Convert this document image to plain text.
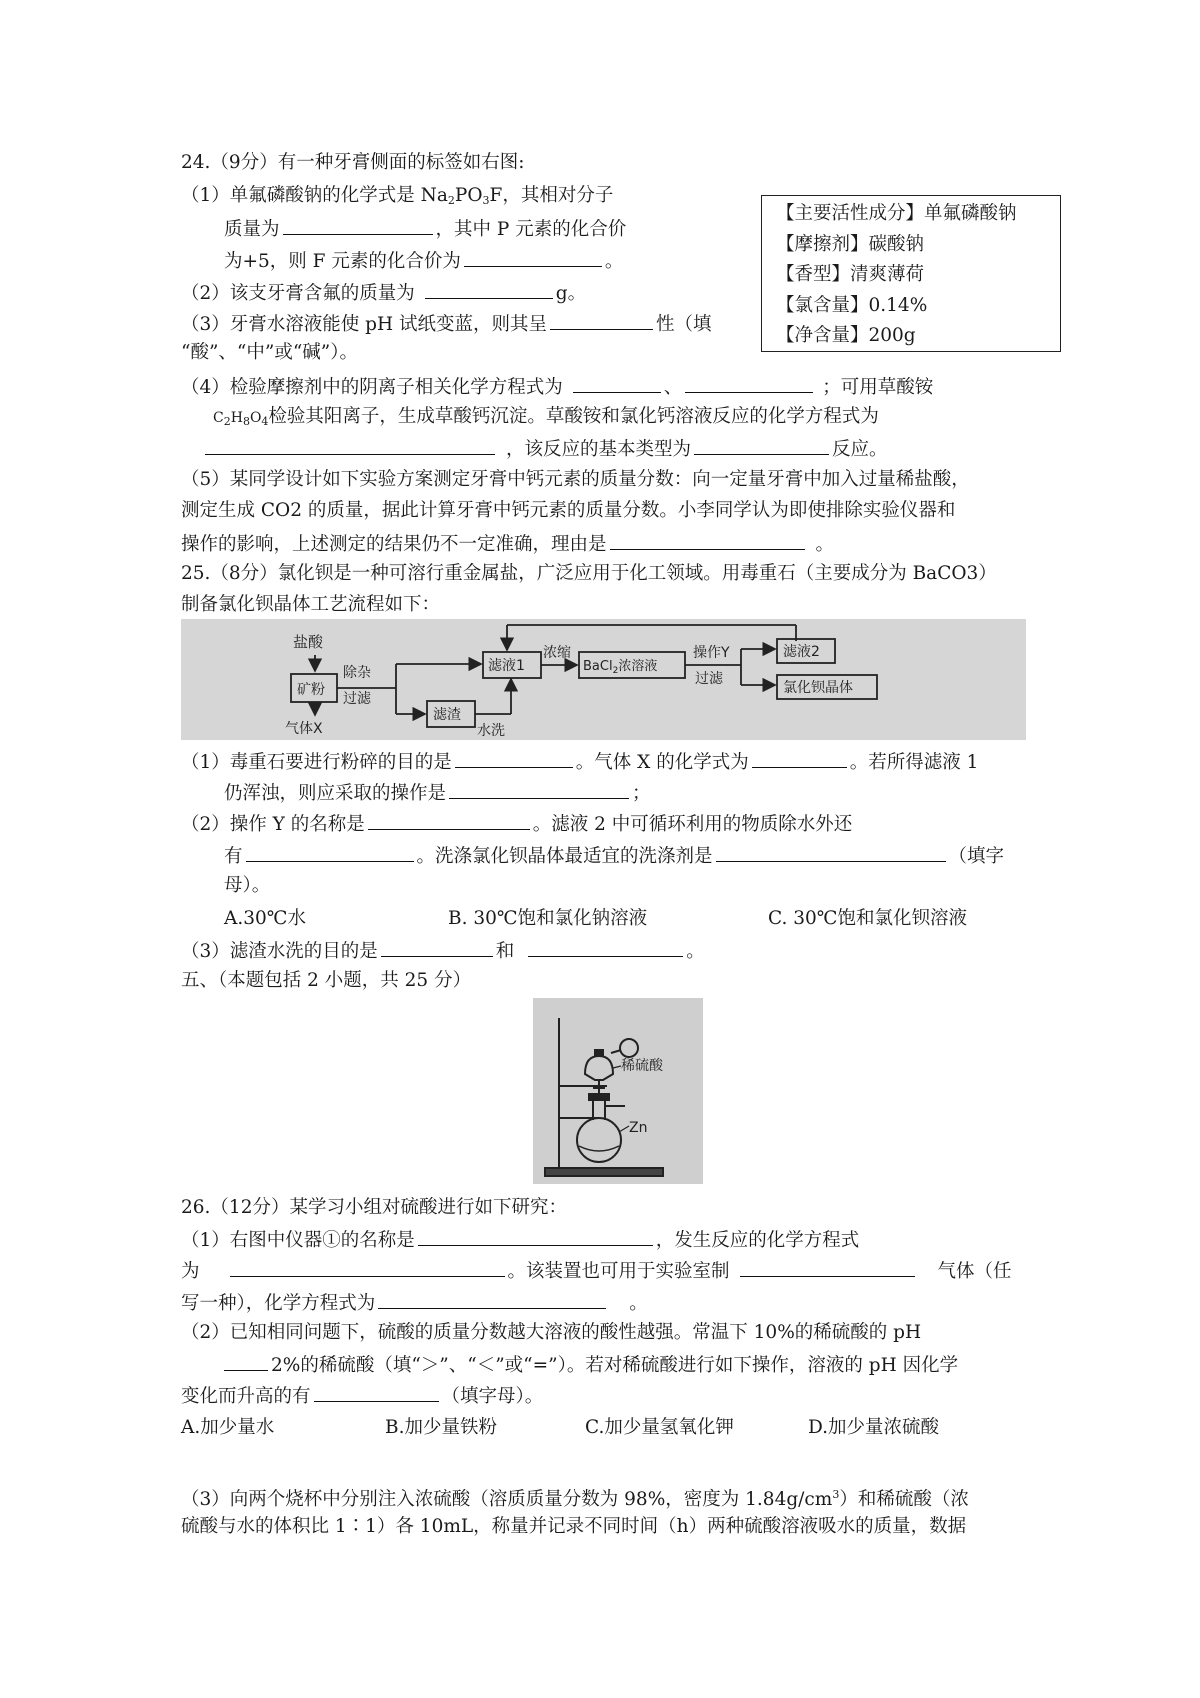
24.（9分）有一种牙膏侧面的标签如右图:
（1）单氟磷酸钠的化学式是 $Na_2PO_3F$，其相对分子
质量为	，其中 P 元素的化合价
为+5，则 F 元素的化合价为	。
（2）该支牙膏含氟的质量为	g。
（3）牙膏水溶液能使 pH 试纸变蓝，则其呈	性（填
“酸”、“中”或“碱”）。
【主要活性成分】单氟磷酸钠
【摩擦剂】碳酸钠
【香型】清爽薄荷
【氯含量】0.14%
【净含量】200g
（4）检验摩擦剂中的阴离子相关化学方程式为	、	；可用草酸铵
$C_2H_8O_4$检验其阳离子，生成草酸钙沉淀。草酸铵和氯化钙溶液反应的化学方程式为
，该反应的基本类型为	反应。
（5）某同学设计如下实验方案测定牙膏中钙元素的质量分数：向一定量牙膏中加入过量稀盐酸，
测定生成 CO2 的质量，据此计算牙膏中钙元素的质量分数。小李同学认为即使排除实验仪器和
操作的影响，上述测定的结果仍不一定准确，理由是	。
25.（8分）氯化钡是一种可溶行重金属盐，广泛应用于化工领域。用毒重石（主要成分为 BaCO3）
制备氯化钡晶体工艺流程如下：
盐酸
矿粉
除杂
过滤
气体X
滤渣
水洗
滤液1
浓缩
BaCl$_2$浓溶液
操作Y
过滤
滤液2
氯化钡晶体
（1）毒重石要进行粉碎的目的是	。气体 X 的化学式为	。若所得滤液 1
仍浑浊，则应采取的操作是	；
（2）操作 Y 的名称是	。滤液 2 中可循环利用的物质除水外还
有	。洗涤氯化钡晶体最适宜的洗涤剂是	（填字
母）。
A.30℃水	B. 30℃饱和氯化钠溶液	C. 30℃饱和氯化钡溶液
（3）滤渣水洗的目的是	和	。
五、（本题包括 2 小题，共 25 分）
稀硫酸
Zn
26.（12分）某学习小组对硫酸进行如下研究：
（1）右图中仪器①的名称是	，发生反应的化学方程式
为	。该装置也可用于实验室制	气体（任
写一种），化学方程式为	。
（2）已知相同问题下，硫酸的质量分数越大溶液的酸性越强。常温下 10%的稀硫酸的 pH
2%的稀硫酸（填“＞”、“＜”或“=”）。若对稀硫酸进行如下操作，溶液的 pH 因化学
变化而升高的有	（填字母）。
A.加少量水	B.加少量铁粉	C.加少量氢氧化钾	D.加少量浓硫酸
（3）向两个烧杯中分别注入浓硫酸（溶质质量分数为 98%，密度为 $1.84g/cm^3$）和稀硫酸（浓
硫酸与水的体积比 1∶1）各 10mL，称量并记录不同时间（h）两种硫酸溶液吸水的质量，数据
